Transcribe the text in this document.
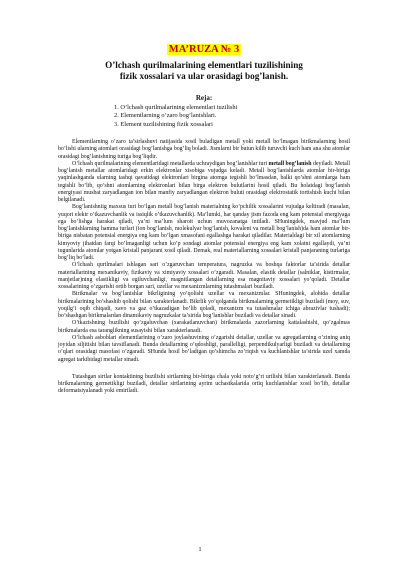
MA’RUZA № 3
O’lchash qurilmalarining elementlari tuzilishining
fizik xossalari va ular orasidagi bog’lanish.
Reja:
1. O’lchash qurilmalarining elementlari tuzilishi
2. Elementlarning o’zaro bog’lanishlari.
3. Element tuzilishining fizik xossalari

Elementlarning o’zaro ta’sirlashuvi natijasida xosil buladigan metall yoki metall bo’lmagan birikmalarning hosil bo’lishi ularning atomlari orasidagi bog’lanishga bog’liq boladi. Jismlarni bir butun kilib turuvchi kuch ham ana shu atomlar orasidagi bog’lanishning turiga bog’liqdir.

O’lchash qurilmalarining elementlaridagi metallarda uchraydigan bog’lanishlar turi metall bog’lanish deyiladi. Metall bog’lanish metallar atomlaridagi erkin elektronlar xisobiga vujudga keladi. Metall bog’lanishlarda atomlar bir-biriga yaqinlashganda ularning tashqi qavatidagi elektronlari birgina atomga tegishli bo’lmasdan, balki qo’shni atomlarga ham tegishli bo’lib, qo’shni atomlarning elektronlari bilan birga elektron bulutlarini hosil qiladi. Bu holatdagi bog’lanish energiyasi musbat zaryadlangan ion bilan manfiy zaryadlangan elektron buluti orasidagi elektrostatik tortishish kuchi bilan belgilanadi.

Bog’lanishniig maxsus turi bo’lgan metall bog’lanish materialning ko’pchilik xossalarini vujudga keltiradi (masalan, yuqori elektr o’tkazuvchanlik va issiqlik o’tkazuvchanlik). Ma’lumki, har qanday jism fazoda eng kam potensial energiyaga ega bo’lishga harakat qiladi, ya’ni ma’lum sharoit uchun muvozanatga intiladi. SHuningdek, mavjud ma’lum bog’lanishlarning hamma turlari (ion bog’lanish, molekulyar bog’lanish, kovalent va metall bog’lanish)da ham atomlar bir-biriga nisbatan potensial energiya eng kam bo’lgan xmasofani egallashga harakat qiladilar. Materialdagi bir xil atomlarning kimyoviy jihatdan farqi bo’lmaganligi uchun ko’p sondagi atomlar potensial energiya eng kam xolatni egallaydi, ya’ni tugunlarida atomlar yotgan kristall panjarani xosil qiladi. Demak, real materiallarning xossalari kristall panjaraning turlariga bog’liq bo’ladi.

O’lchash qurilmalari ishlagan sari o’zgaruvchan temperatura, nagruzka va boshqa faktorlar ta’sirida detallar materiallarining mexanikaviy, fizikaviy va ximiyaviy xossalari o’zgaradi. Masalan, elastik detallar (salniklar, kistirmalar, manjetlar)ning elastikligi va egiluvchanligi, magnitlangan detallarning esa magnitaviy xossalari yo’qoladi. Detallar xossalarining o’zgarishi ortib borgan sari, uzellar va mexanizmlarning tutashmalari buziladi.

Birikmalar va bog’lanishlar bikrligining yo’qolishi uzellar va mexanizmlar. SHuningdek, alohida detallar birikmalarining bo’shashib qolishi bilan xarakterlanadi. Bikrlik yo’qolganda birikmalarning germetikligi buziladi (moy, suv, yoqilg’i oqib chiqadi, xavo va gaz o’tkazadigan bo’lib qoladi, mexanizm va tutashmalar ichiga abrazivlar tushadi); bo’shashgan birikmalardan dinamikaviy nagruzkalar ta’sirida bog’lanishlar buziladi va detallar sinadi.

O’tkazishning buzilishi qo’zgaluvchan (xarakatlanuvchan) birikmalarda zazorlarning kattalashishi, qo’zgalmas birikmalarda esa taranglikning susayishi bilan xarakterlanadi.

O’lchash asboblari elementlarining o’zaro joylashuvining o’zgarishi detallar, uzellar va agregatlarning o’zining aniq joyidan siljitishi bilan tavsiflanadi. Bunda detallarning o’qdoshligi, parallelligi, perpendikulyarligi buziladi va detallarning o’qlari orasidagi masofasi o’zgaradi. SHunda hosil bo’ladigan qo’shimcha zo’riqish va kuchlanishlar ta’sirida uzel xamda agregat tarkibidagi metallar sinadi.

Tutashgan sirtlar kontaktining buzilishi sirtlarning bir-biriga chala yoki noto’g’ri urilishi bilan xarakterlanadi. Bunda birikmalarning germetikligi buziladi, detallar sirtlarining ayrim uchastkalarida ortiq kuchlanishlar xosil bo’lib, detallar deformatsiyalanadi yoki emiriladi.

1
